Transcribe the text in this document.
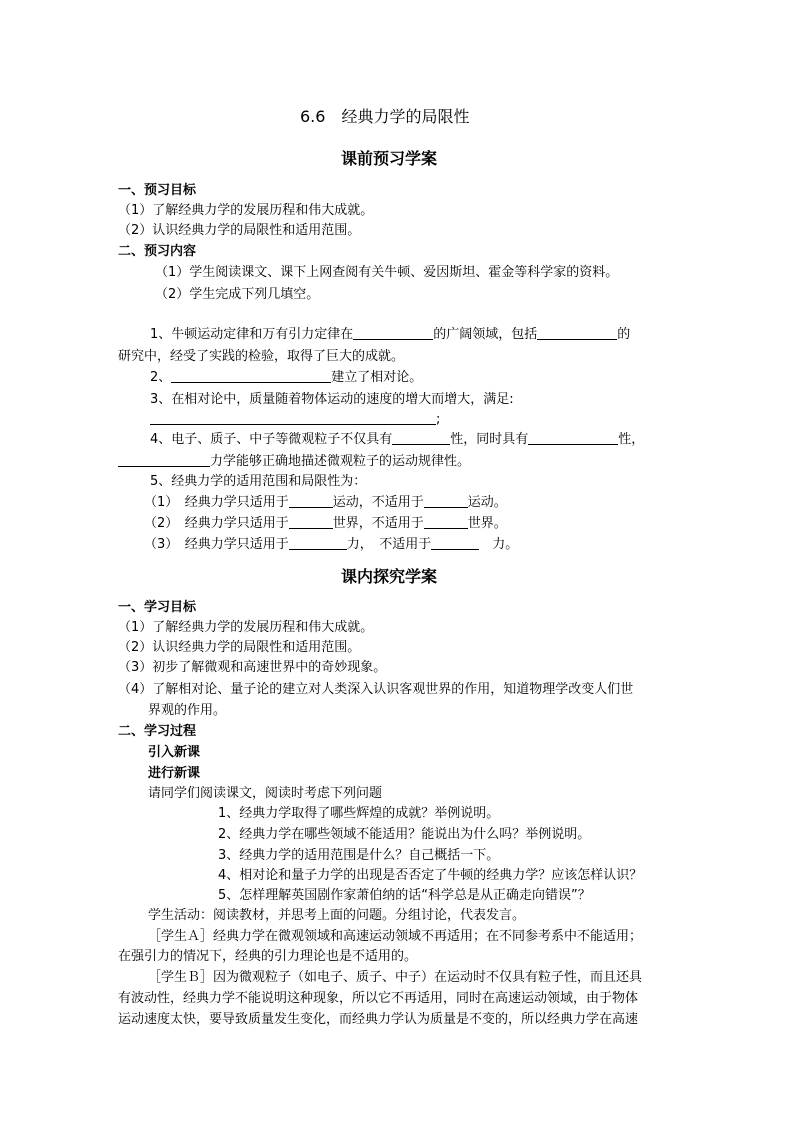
6.6　经典力学的局限性
课前预习学案
一、预习目标
（1）了解经典力学的发展历程和伟大成就。
（2）认识经典力学的局限性和适用范围。
二、预习内容
（1）学生阅读课文、课下上网查阅有关牛顿、爱因斯坦、霍金等科学家的资料。
（2）学生完成下列几填空。
1、牛顿运动定律和万有引力定律在	的广阔领域，包括	的
研究中，经受了实践的检验，取得了巨大的成就。
2、	建立了相对论。
3、在相对论中，质量随着物体运动的速度的增大而增大，满足:
;
4、电子、质子、中子等微观粒子不仅具有	性，同时具有	性，
力学能够正确地描述微观粒子的运动规律性。
5、经典力学的适用范围和局限性为：
（1）　经典力学只适用于	运动，不适用于	运动。
（2）　经典力学只适用于	世界，不适用于	世界。
（3）　经典力学只适用于	力，　不适用于	　力。
课内探究学案
一、学习目标
（1）了解经典力学的发展历程和伟大成就。
（2）认识经典力学的局限性和适用范围。
（3）初步了解微观和高速世界中的奇妙现象。
（4）了解相对论、量子论的建立对人类深入认识客观世界的作用，知道物理学改变人们世
界观的作用。
二、学习过程
引入新课
进行新课
请同学们阅读课文，阅读时考虑下列问题
1、经典力学取得了哪些辉煌的成就？举例说明。
2、经典力学在哪些领域不能适用？能说出为什么吗？举例说明。
3、经典力学的适用范围是什么？自己概括一下。
4、相对论和量子力学的出现是否否定了牛顿的经典力学？应该怎样认识？
5、怎样理解英国剧作家萧伯纳的话“科学总是从正确走向错误”？
学生活动：阅读教材，并思考上面的问题。分组讨论，代表发言。
［学生Ａ］经典力学在微观领域和高速运动领域不再适用；在不同参考系中不能适用；
在强引力的情况下，经典的引力理论也是不适用的。
［学生Ｂ］因为微观粒子（如电子、质子、中子）在运动时不仅具有粒子性，而且还具
有波动性，经典力学不能说明这种现象，所以它不再适用，同时在高速运动领域，由于物体
运动速度太快，要导致质量发生变化，而经典力学认为质量是不变的，所以经典力学在高速
